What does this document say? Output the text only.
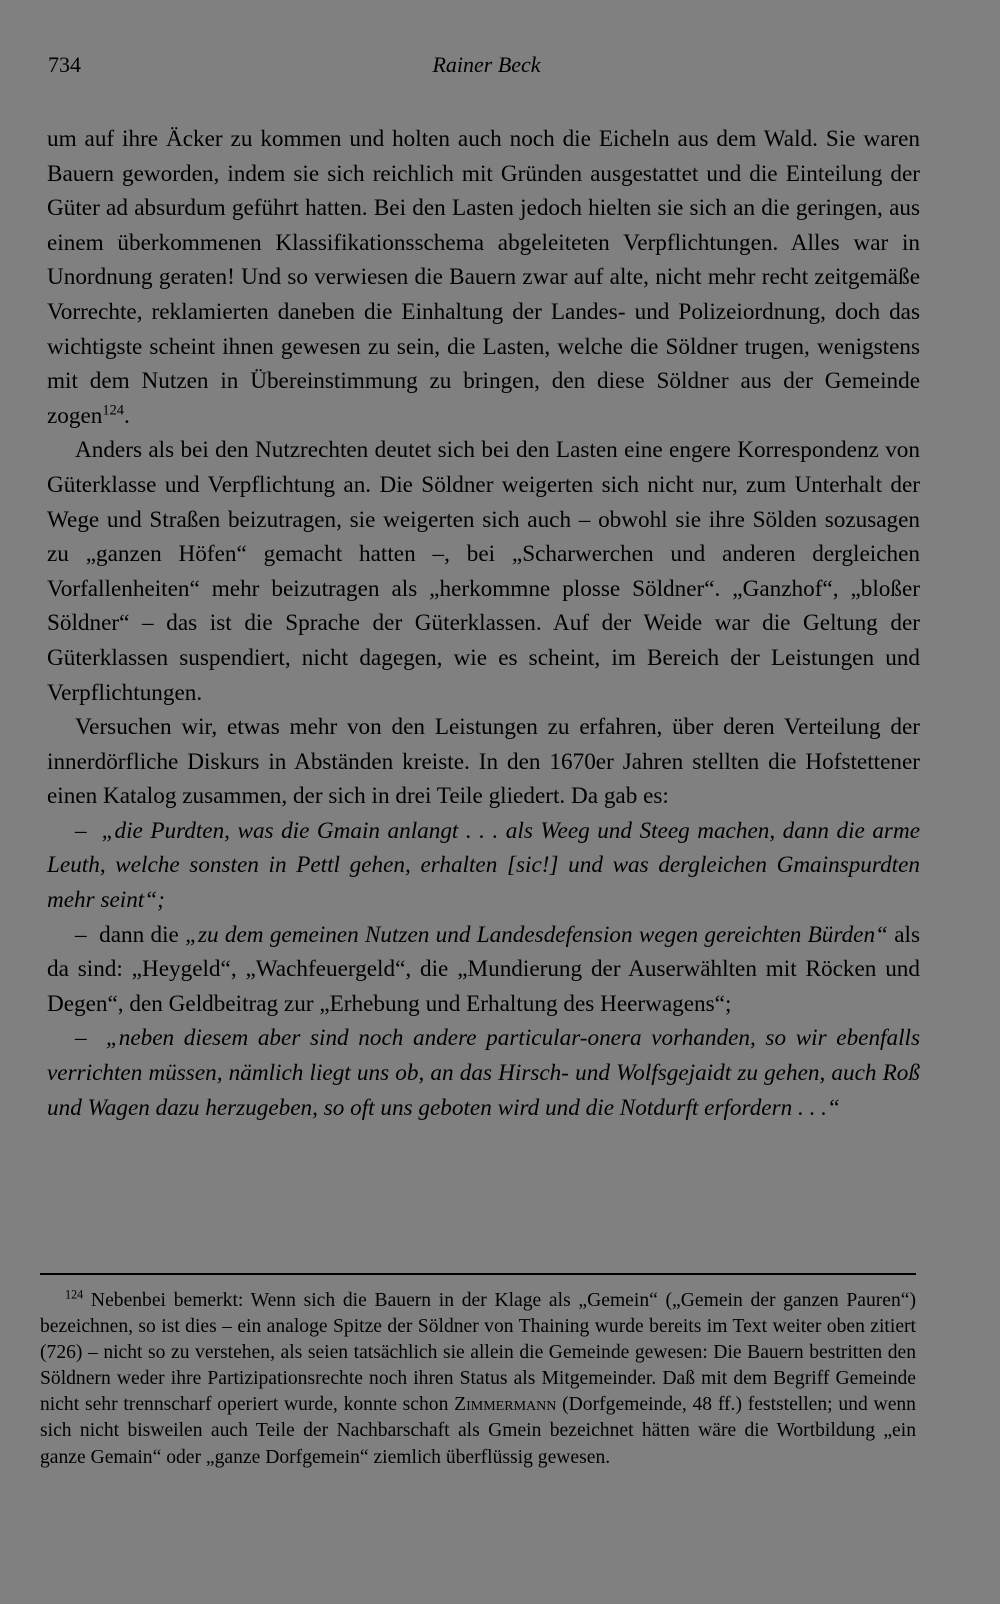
734	Rainer Beck

um auf ihre Äcker zu kommen und holten auch noch die Eicheln aus dem Wald. Sie waren Bauern geworden, indem sie sich reichlich mit Gründen ausgestattet und die Einteilung der Güter ad absurdum geführt hatten. Bei den Lasten jedoch hielten sie sich an die geringen, aus einem überkommenen Klassifikationsschema abgeleiteten Verpflichtungen. Alles war in Unordnung geraten! Und so verwiesen die Bauern zwar auf alte, nicht mehr recht zeitgemäße Vorrechte, reklamierten daneben die Einhaltung der Landes- und Polizeiordnung, doch das wichtigste scheint ihnen gewesen zu sein, die Lasten, welche die Söldner trugen, wenigstens mit dem Nutzen in Übereinstimmung zu bringen, den diese Söldner aus der Gemeinde zogen$^{124}$.

Anders als bei den Nutzrechten deutet sich bei den Lasten eine engere Korrespondenz von Güterklasse und Verpflichtung an. Die Söldner weigerten sich nicht nur, zum Unterhalt der Wege und Straßen beizutragen, sie weigerten sich auch – obwohl sie ihre Sölden sozusagen zu „ganzen Höfen“ gemacht hatten –, bei „Scharwerchen und anderen dergleichen Vorfallenheiten“ mehr beizutragen als „herkommne plosse Söldner“. „Ganzhof“, „bloßer Söldner“ – das ist die Sprache der Güterklassen. Auf der Weide war die Geltung der Güterklassen suspendiert, nicht dagegen, wie es scheint, im Bereich der Leistungen und Verpflichtungen.

Versuchen wir, etwas mehr von den Leistungen zu erfahren, über deren Verteilung der innerdörfliche Diskurs in Abständen kreiste. In den 1670er Jahren stellten die Hofstettener einen Katalog zusammen, der sich in drei Teile gliedert. Da gab es:

– „die Purdten, was die Gmain anlangt . . . als Weeg und Steeg machen, dann die arme Leuth, welche sonsten in Pettl gehen, erhalten [sic!] und was dergleichen Gmainspurdten mehr seint“;

– dann die „zu dem gemeinen Nutzen und Landesdefension wegen gereichten Bürden“ als da sind: „Heygeld“, „Wachfeuergeld“, die „Mundierung der Auserwählten mit Röcken und Degen“, den Geldbeitrag zur „Erhebung und Erhaltung des Heerwagens“;

– „neben diesem aber sind noch andere particular-onera vorhanden, so wir ebenfalls verrichten müssen, nämlich liegt uns ob, an das Hirsch- und Wolfsgejaidt zu gehen, auch Roß und Wagen dazu herzugeben, so oft uns geboten wird und die Notdurft erfordern . . .“

$^{124}$ Nebenbei bemerkt: Wenn sich die Bauern in der Klage als „Gemein“ („Gemein der ganzen Pauren“) bezeichnen, so ist dies – ein analoge Spitze der Söldner von Thaining wurde bereits im Text weiter oben zitiert (726) – nicht so zu verstehen, als seien tatsächlich sie allein die Gemeinde gewesen: Die Bauern bestritten den Söldnern weder ihre Partizipationsrechte noch ihren Status als Mitgemeinder. Daß mit dem Begriff Gemeinde nicht sehr trennscharf operiert wurde, konnte schon Zimmermann (Dorfgemeinde, 48 ff.) feststellen; und wenn sich nicht bisweilen auch Teile der Nachbarschaft als Gmein bezeichnet hätten wäre die Wortbildung „ein ganze Gemain“ oder „ganze Dorfgemein“ ziemlich überflüssig gewesen.
